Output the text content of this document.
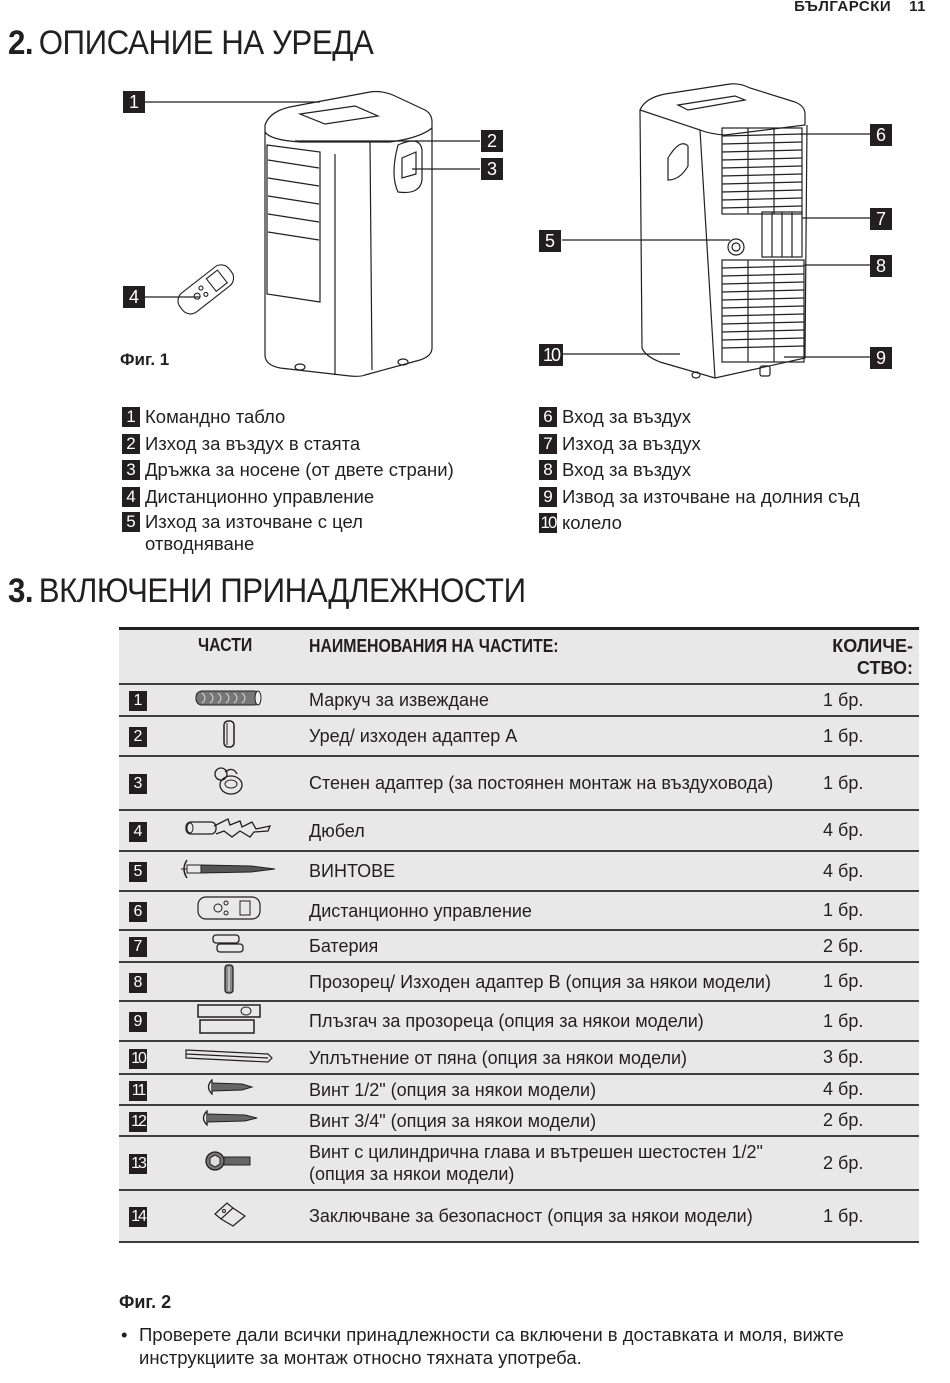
БЪЛГАРСКИ 11
2. ОПИСАНИЕ НА УРЕДА
1
2
3
4
Фиг. 1
5
6
7
8
9
10
1 Командно табло
2 Изход за въздух в стаята
3 Дръжка за носене (от двете страни)
4 Дистанционно управление
5 Изход за източване с цел отводняване
6 Вход за въздух
7 Изход за въздух
8 Вход за въздух
9 Извод за източване на долния съд
10 колело
3. ВКЛЮЧЕНИ ПРИНАДЛЕЖНОСТИ
	ЧАСТИ	НАИМЕНОВАНИЯ НА ЧАСТИТЕ:	КОЛИЧЕ-
СТВО:

1		Маркуч за извеждане	1 бр.
2		Уред/ изходен адаптер A	1 бр.
3		Стенен адаптер (за постоянен монтаж на въздуховода)	1 бр.
4		Дюбел	4 бр.
5		ВИНТОВЕ	4 бр.
6		Дистанционно управление	1 бр.
7		Батерия	2 бр.
8		Прозорец/ Изходен адаптер B (опция за някои модели)	1 бр.
9		Плъзгач за прозореца (опция за някои модели)	1 бр.
10		Уплътнение от пяна (опция за някои модели)	3 бр.
11		Винт 1/2" (опция за някои модели)	4 бр.
12		Винт 3/4" (опция за някои модели)	2 бр.
13		Винт с цилиндрична глава и вътрешен шестостен 1/2" (опция за някои модели)	2 бр.
14		Заключване за безопасност (опция за някои модели)	1 бр.
Фиг. 2
• Проверете дали всички принадлежности са включени в доставката и моля, вижте инструкциите за монтаж относно тяхната употреба.
